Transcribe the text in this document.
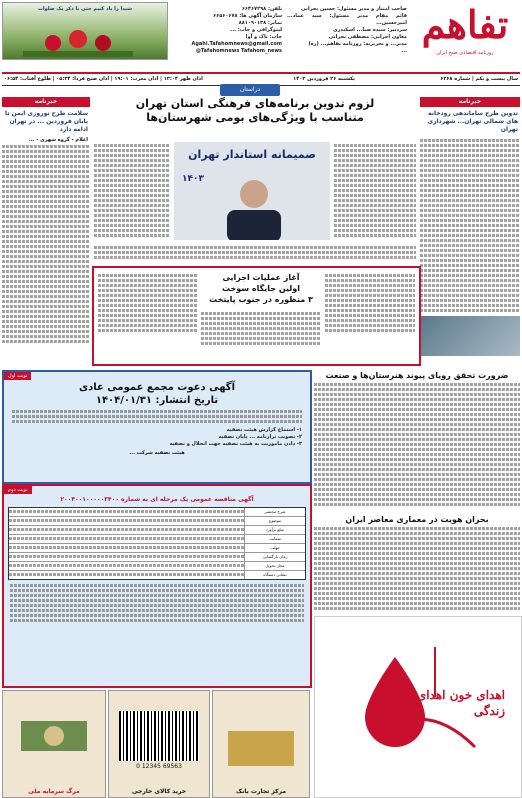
تفاهم
روزنامه اقتصادی صبح ایران
صاحب امتیاز و مدیر مسئول: حسین بحرانی
قائم مقام مدیر مسئول: سید عماد... امیرحسین...
سردبیر: سیده صبا... اسکندری
معاون اجرایی: مصطفی بحرانی
مدیر... و تحریریه: روزنامه تفاهم... (ره)
...
تلفن: ۶۶۴۶۷۲۹۸
سازمان آگهی ها: ۶۶۵۶۰۶۷۸
نمابر: ۸۸۱۰۹۰۱۳۸
لیتوگرافی و چاپ: ...
چاپ: تاک و آوا
Agahi.Tafahomnews@gmail.com
@Tafahomnews Tafahom_news
شیدا را یاد کنیم حتی با ذکر یک صلوات
سال بیست و یکم | شماره ۶۲۶۸
یکشنبه ۲۶ فروردین ۱۴۰۳
اذان ظهر ۱۳:۰۴ | اذان مغرب: ۱۹:۰۱ | اذان صبح فردا: ۰۵:۳۴ | طلوع آفتاب: ۰۶:۵۴
دراستان
خبرنامه
تدوین طرح ساماندهی رودخانه های شمالی تهران... شهرداری تهران
خبرنامه
سلامت طرح نوروزی ایمن تا پایان فروردین ... در تهران ادامه دارد
اعلام - گروه شهری - ...
لزوم تدوین برنامه‌های فرهنگی استان تهران
متناسب با ویژگی‌های بومی شهرستان‌ها
صمیمانه استاندار تهران
۱۴۰۳
آغاز عملیات اجرایی
اولین جایگاه سوخت
۳ منظوره در جنوب پایتخت
نوبت اول
آگهی دعوت مجمع عمومی عادی
تاریخ انتشار: ۱۴۰۴/۰۱/۳۱
۱- استماع گزارش هیئت تصفیه
۲- تصویب ترازنامه ... پایان تصفیه
۳- دادن ماموریت به هیئت تصفیه جهت انحلال و تصفیه
هیئت تصفیه شرکت ...
نوبت دوم
آگهی مناقصه عمومی یک مرحله ای به شماره ۲۰۰۴۰۰۱۰۰۰۰۰۳۴۰۰
شرح مختصر
موضوع
مبلغ برآورد
ضمانت
مهلت
زمان بازگشایی
محل تحویل
نشانی دستگاه
ضرورت تحقق رویای پیوند هنرستان‌ها و صنعت
بحران هویت در معماری معاصر ایران
اهدای خون اهدای زندگی
مرکز تجارت بانک
0 12345 69563
خرید کالای خارجی
مرگ سرمایه ملی
